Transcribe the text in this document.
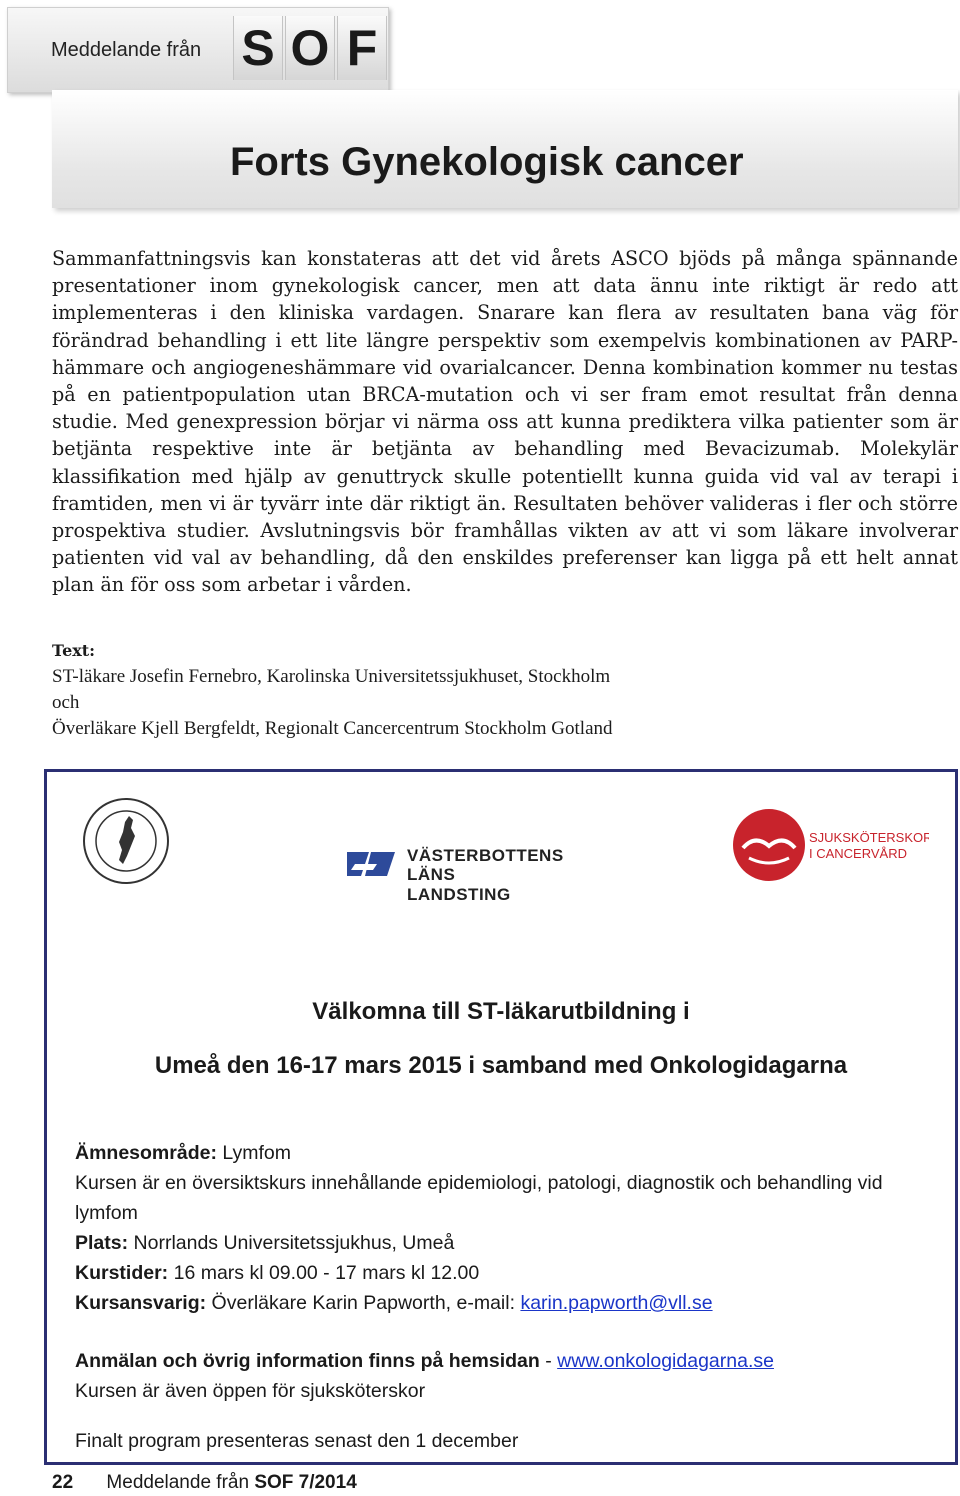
Meddelande från S O F
Forts Gynekologisk cancer

Sammanfattningsvis kan konstateras att det vid årets ASCO bjöds på många spännande presentationer inom gynekologisk cancer, men att data ännu inte riktigt är redo att implementeras i den kliniska vardagen. Snarare kan flera av resultaten bana väg för förändrad behandling i ett lite längre perspektiv som exempelvis kombinationen av PARP-hämmare och angiogeneshämmare vid ovarialcancer. Denna kombination kommer nu testas på en patientpopulation utan BRCA-mutation och vi ser fram emot resultat från denna studie. Med genexpression börjar vi närma oss att kunna prediktera vilka patienter som är betjänta respektive inte är betjänta av behandling med Bevacizumab. Molekylär klassifikation med hjälp av genuttryck skulle potentiellt kunna guida vid val av terapi i framtiden, men vi är tyvärr inte där riktigt än. Resultaten behöver valideras i fler och större prospektiva studier. Avslutningsvis bör framhållas vikten av att vi som läkare involverar patienten vid val av behandling, då den enskildes preferenser kan ligga på ett helt annat plan än för oss som arbetar i vården.

Text:
ST-läkare Josefin Fernebro, Karolinska Universitetssjukhuset, Stockholm
och
Överläkare Kjell Bergfeldt, Regionalt Cancercentrum Stockholm Gotland
VÄSTERBOTTENS
LÄNS LANDSTING
SJUKSKÖTERSKOR
I CANCERVÅRD
Välkomna till ST-läkarutbildning i
Umeå den 16-17 mars 2015 i samband med Onkologidagarna
Ämnesområde: Lymfom
Kursen är en översiktskurs innehållande epidemiologi, patologi, diagnostik och behandling vid lymfom
Plats: Norrlands Universitetssjukhus, Umeå
Kurstider: 16 mars kl 09.00 - 17 mars kl 12.00
Kursansvarig: Överläkare Karin Papworth, e-mail: karin.papworth@vll.se
Anmälan och övrig information finns på hemsidan - www.onkologidagarna.se
Kursen är även öppen för sjuksköterskor
Finalt program presenteras senast den 1 december
22 Meddelande från SOF 7/2014
